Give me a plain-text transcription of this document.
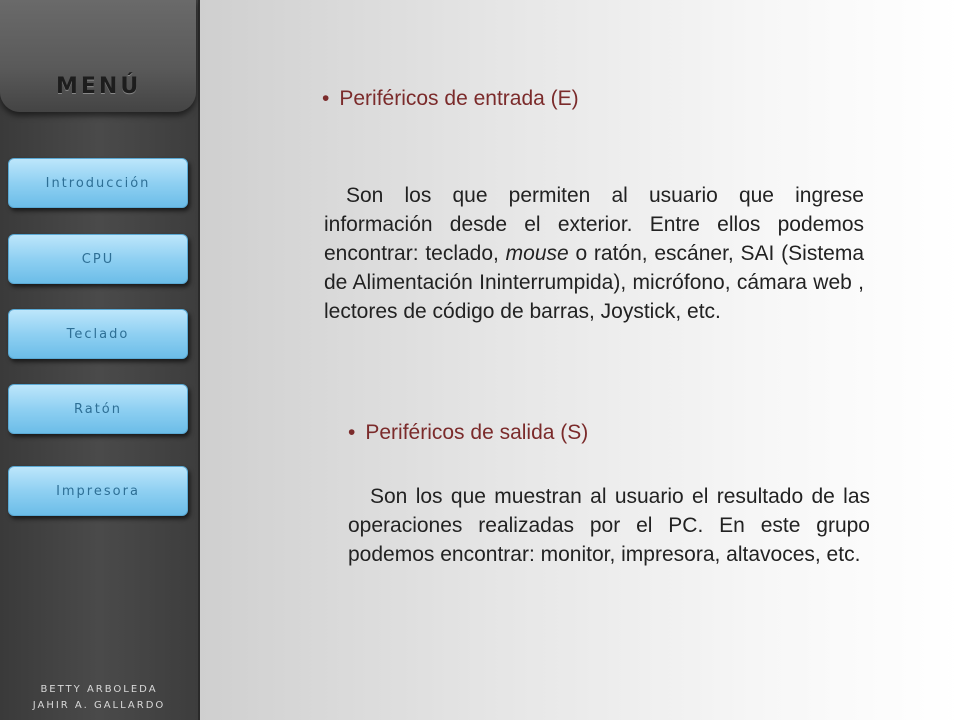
MENÚ
Introducción
CPU
Teclado
Ratón
Impresora
BETTY ARBOLEDA
JAHIR A. GALLARDO
• Periféricos de entrada (E)
Son los que permiten al usuario que ingrese información desde el exterior. Entre ellos podemos encontrar: teclado, mouse o ratón, escáner, SAI (Sistema de Alimentación Ininterrumpida), micrófono, cámara web , lectores de código de barras, Joystick, etc.
• Periféricos de salida (S)
Son los que muestran al usuario el resultado de las operaciones realizadas por el PC. En este grupo podemos encontrar: monitor, impresora, altavoces, etc.
